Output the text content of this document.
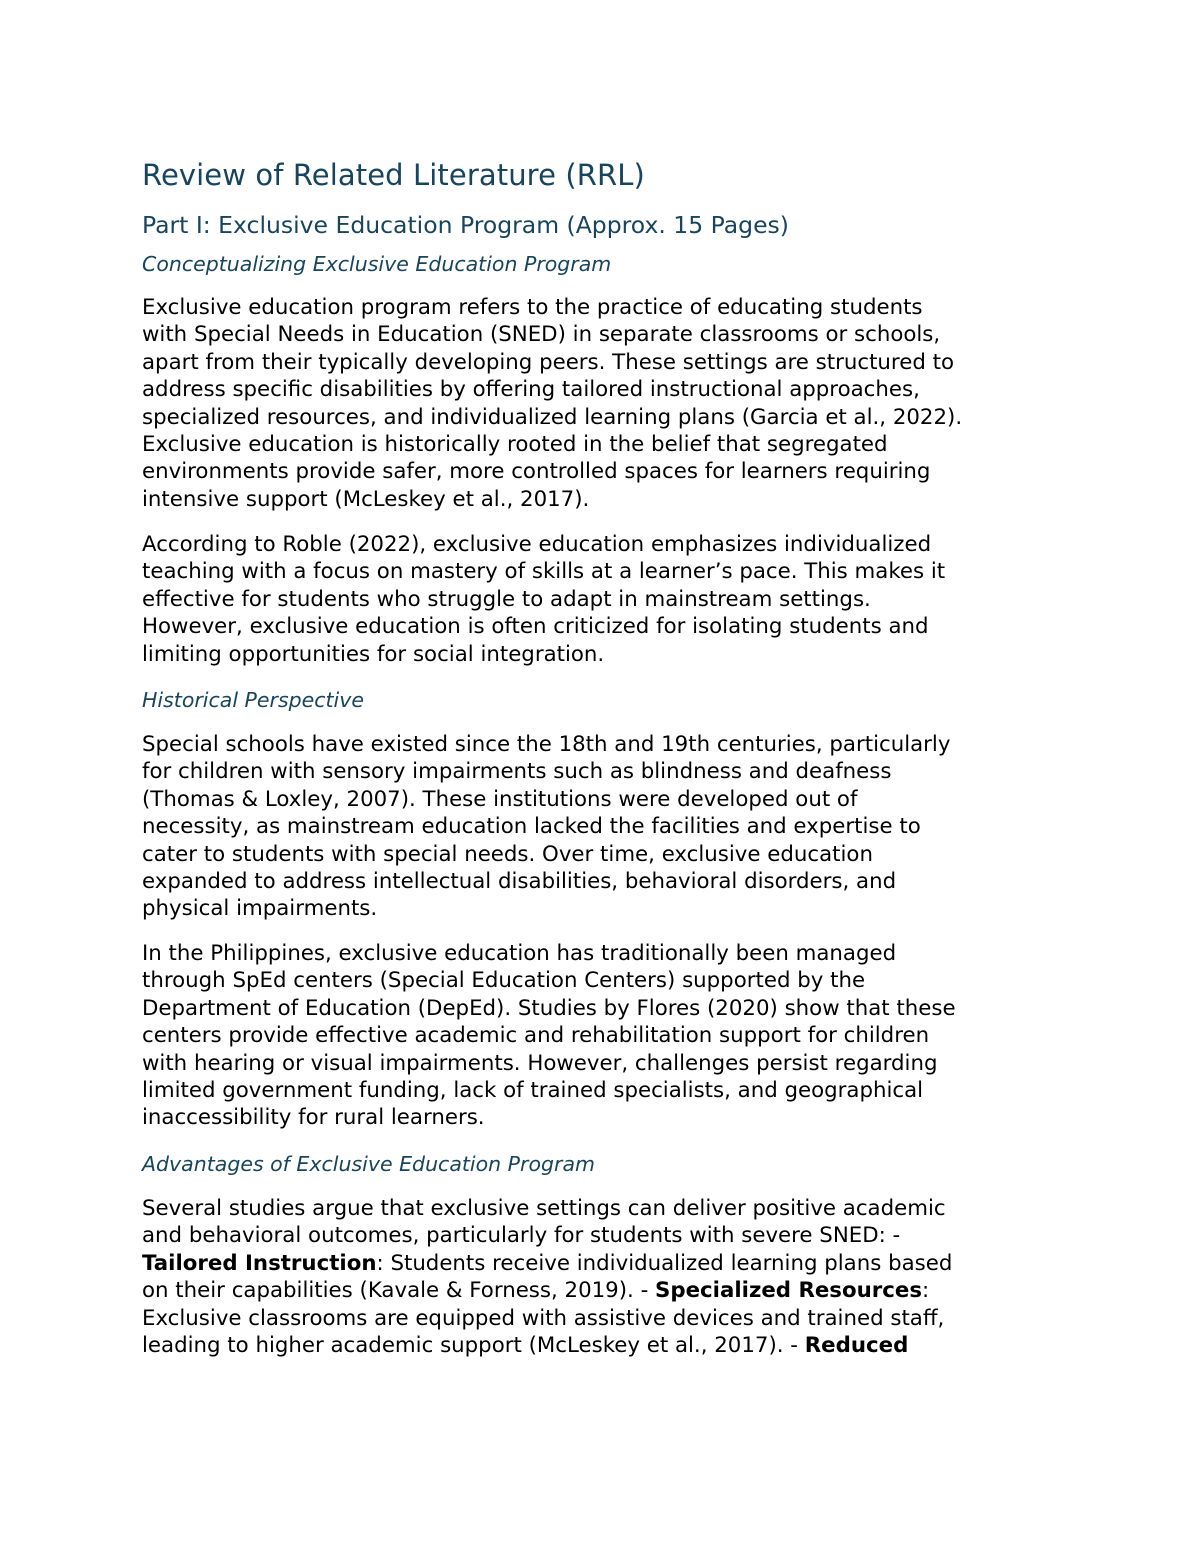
Review of Related Literature (RRL)
Part I: Exclusive Education Program (Approx. 15 Pages)
Conceptualizing Exclusive Education Program

Exclusive education program refers to the practice of educating students
with Special Needs in Education (SNED) in separate classrooms or schools,
apart from their typically developing peers. These settings are structured to
address specific disabilities by offering tailored instructional approaches,
specialized resources, and individualized learning plans (Garcia et al., 2022).
Exclusive education is historically rooted in the belief that segregated
environments provide safer, more controlled spaces for learners requiring
intensive support (McLeskey et al., 2017).

According to Roble (2022), exclusive education emphasizes individualized
teaching with a focus on mastery of skills at a learner’s pace. This makes it
effective for students who struggle to adapt in mainstream settings.
However, exclusive education is often criticized for isolating students and
limiting opportunities for social integration.

Historical Perspective

Special schools have existed since the 18th and 19th centuries, particularly
for children with sensory impairments such as blindness and deafness
(Thomas & Loxley, 2007). These institutions were developed out of
necessity, as mainstream education lacked the facilities and expertise to
cater to students with special needs. Over time, exclusive education
expanded to address intellectual disabilities, behavioral disorders, and
physical impairments.

In the Philippines, exclusive education has traditionally been managed
through SpEd centers (Special Education Centers) supported by the
Department of Education (DepEd). Studies by Flores (2020) show that these
centers provide effective academic and rehabilitation support for children
with hearing or visual impairments. However, challenges persist regarding
limited government funding, lack of trained specialists, and geographical
inaccessibility for rural learners.

Advantages of Exclusive Education Program

Several studies argue that exclusive settings can deliver positive academic
and behavioral outcomes, particularly for students with severe SNED: -
Tailored Instruction: Students receive individualized learning plans based
on their capabilities (Kavale & Forness, 2019). - Specialized Resources:
Exclusive classrooms are equipped with assistive devices and trained staff,
leading to higher academic support (McLeskey et al., 2017). - Reduced
